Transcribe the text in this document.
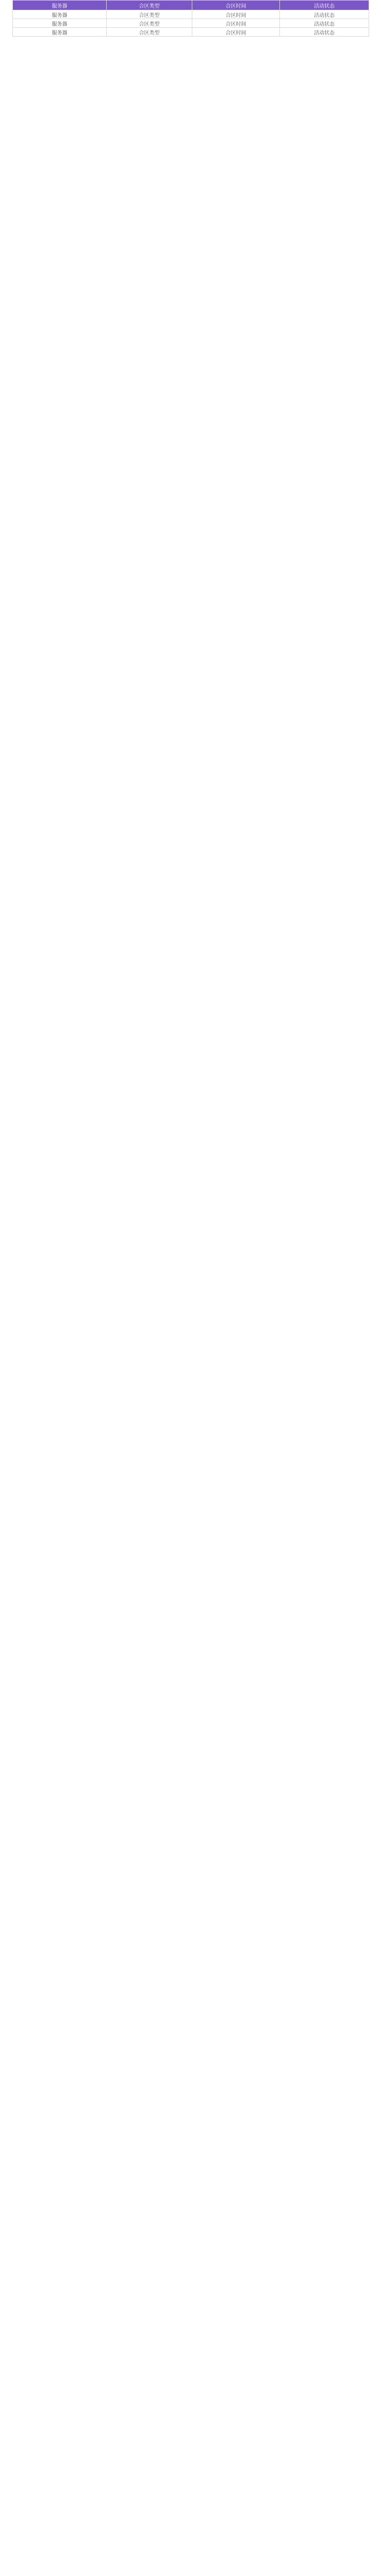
服务器	合区类型	合区时间	活动状态
服务器	合区类型	合区时间	活动状态
服务器	合区类型	合区时间	活动状态
服务器	合区类型	合区时间	活动状态
